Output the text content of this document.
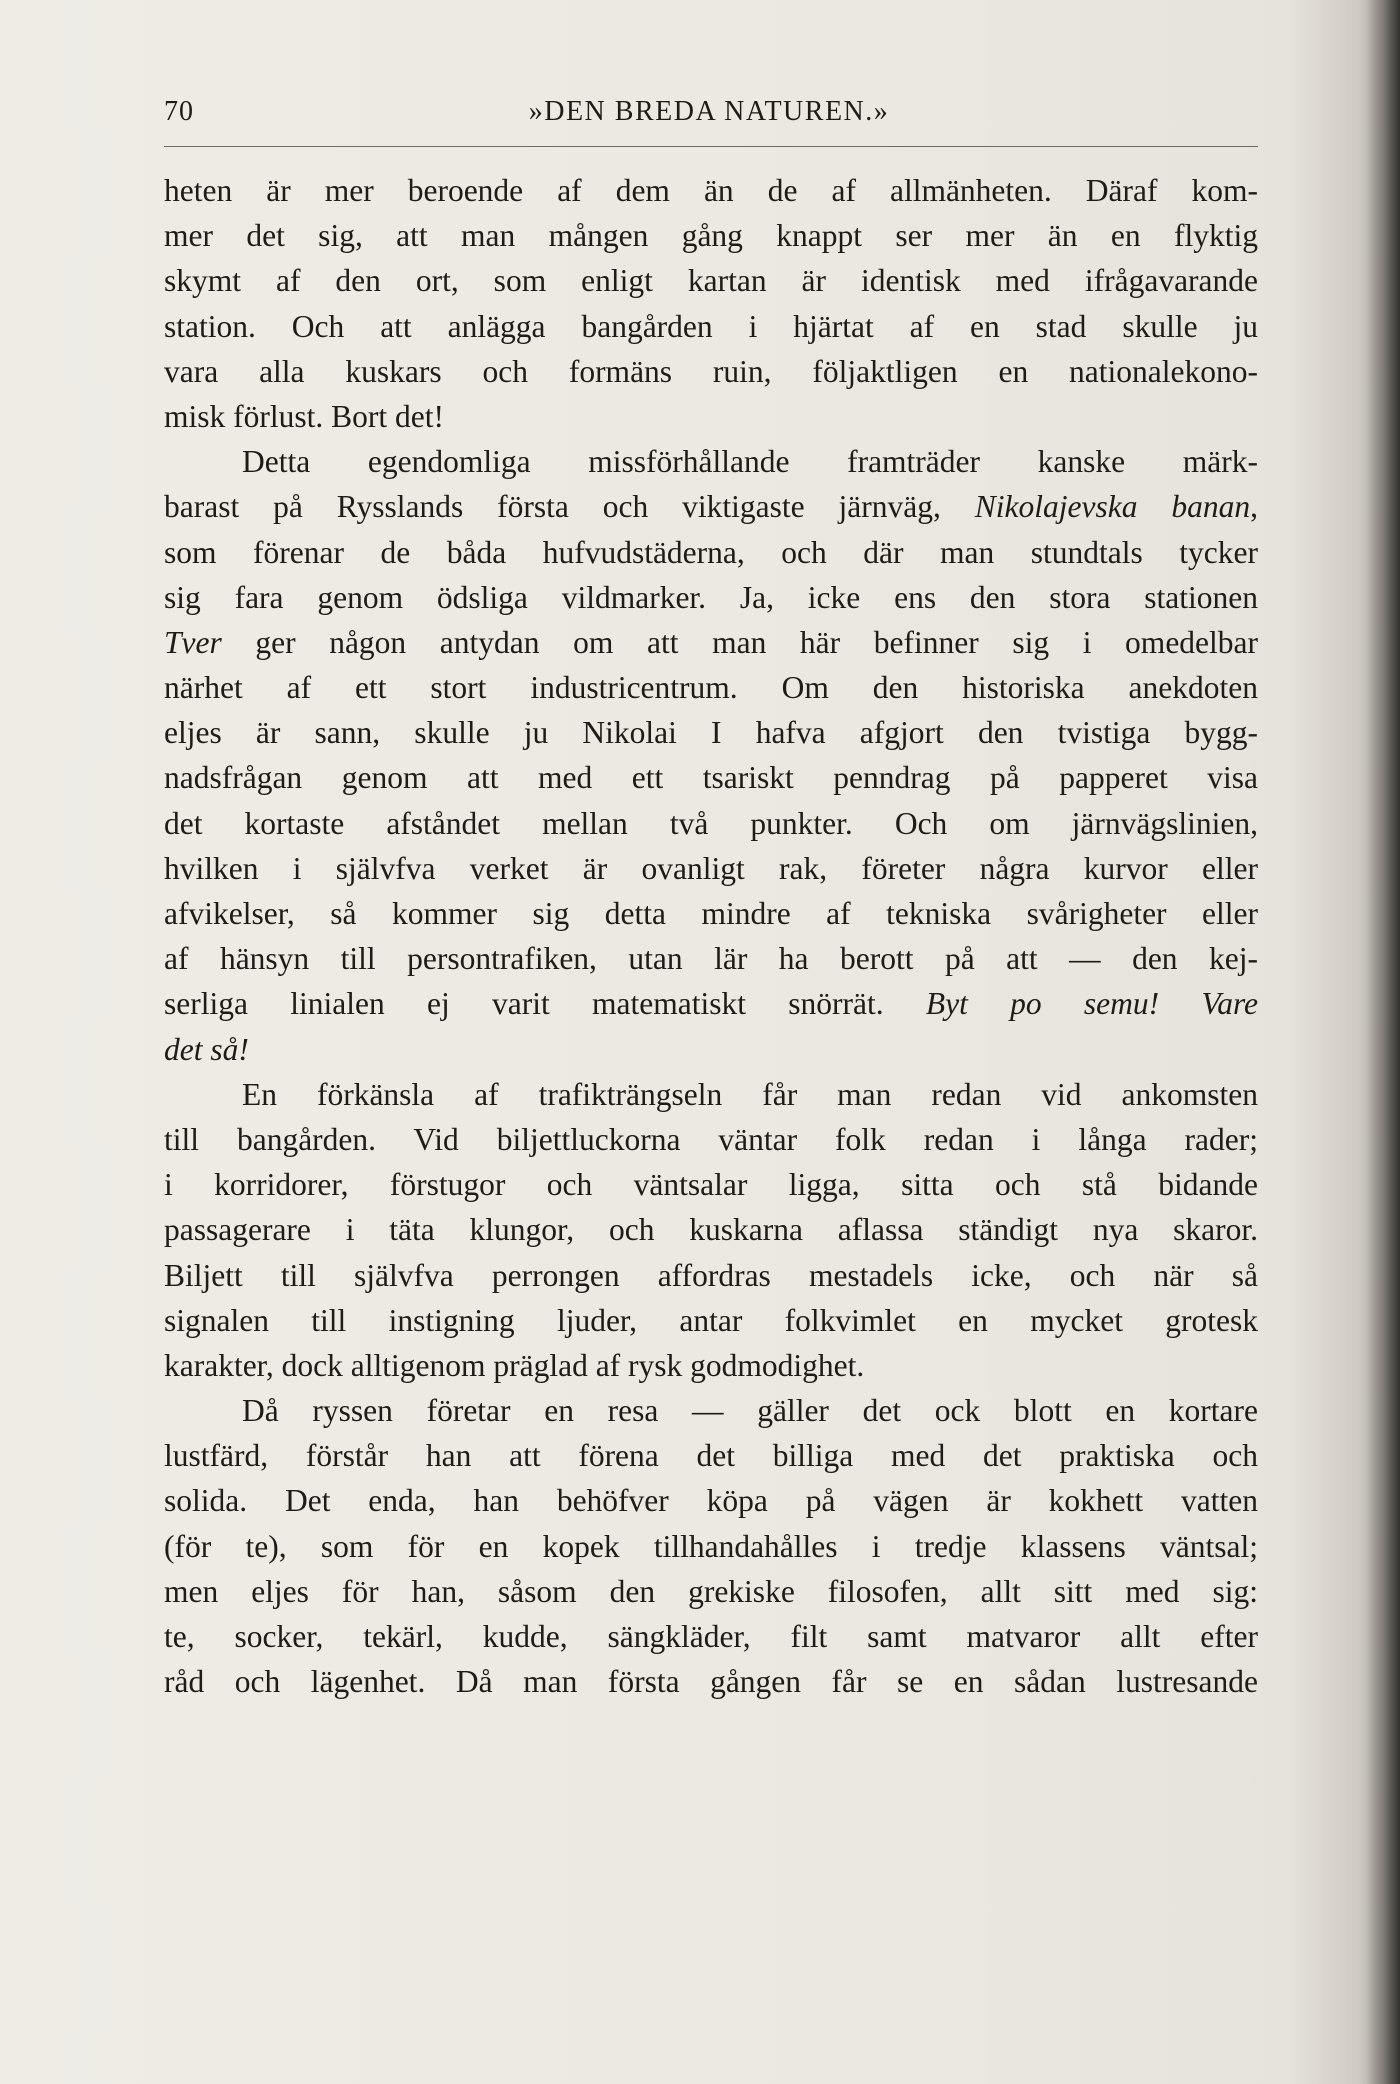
70	»DEN BREDA NATUREN.»
heten är mer beroende af dem än de af allmänheten. Däraf kom-
mer det sig, att man mången gång knappt ser mer än en flyktig
skymt af den ort, som enligt kartan är identisk med ifrågavarande
station. Och att anlägga bangården i hjärtat af en stad skulle ju
vara alla kuskars och formäns ruin, följaktligen en nationalekono-
misk förlust. Bort det!
Detta egendomliga missförhållande framträder kanske märk-
barast på Rysslands första och viktigaste järnväg, Nikolajevska banan,
som förenar de båda hufvudstäderna, och där man stundtals tycker
sig fara genom ödsliga vildmarker. Ja, icke ens den stora stationen
Tver ger någon antydan om att man här befinner sig i omedelbar
närhet af ett stort industricentrum. Om den historiska anekdoten
eljes är sann, skulle ju Nikolai I hafva afgjort den tvistiga bygg-
nadsfrågan genom att med ett tsariskt penndrag på papperet visa
det kortaste afståndet mellan två punkter. Och om järnvägslinien,
hvilken i självfva verket är ovanligt rak, företer några kurvor eller
afvikelser, så kommer sig detta mindre af tekniska svårigheter eller
af hänsyn till persontrafiken, utan lär ha berott på att — den kej-
serliga linialen ej varit matematiskt snörrät. Byt po semu! Vare
det så!
En förkänsla af trafikträngseln får man redan vid ankomsten
till bangården. Vid biljettluckorna väntar folk redan i långa rader;
i korridorer, förstugor och väntsalar ligga, sitta och stå bidande
passagerare i täta klungor, och kuskarna aflassa ständigt nya skaror.
Biljett till självfva perrongen affordras mestadels icke, och när så
signalen till instigning ljuder, antar folkvimlet en mycket grotesk
karakter, dock alltigenom präglad af rysk godmodighet.
Då ryssen företar en resa — gäller det ock blott en kortare
lustfärd, förstår han att förena det billiga med det praktiska och
solida. Det enda, han behöfver köpa på vägen är kokhett vatten
(för te), som för en kopek tillhandahålles i tredje klassens väntsal;
men eljes för han, såsom den grekiske filosofen, allt sitt med sig:
te, socker, tekärl, kudde, sängkläder, filt samt matvaror allt efter
råd och lägenhet. Då man första gången får se en sådan lustresande
